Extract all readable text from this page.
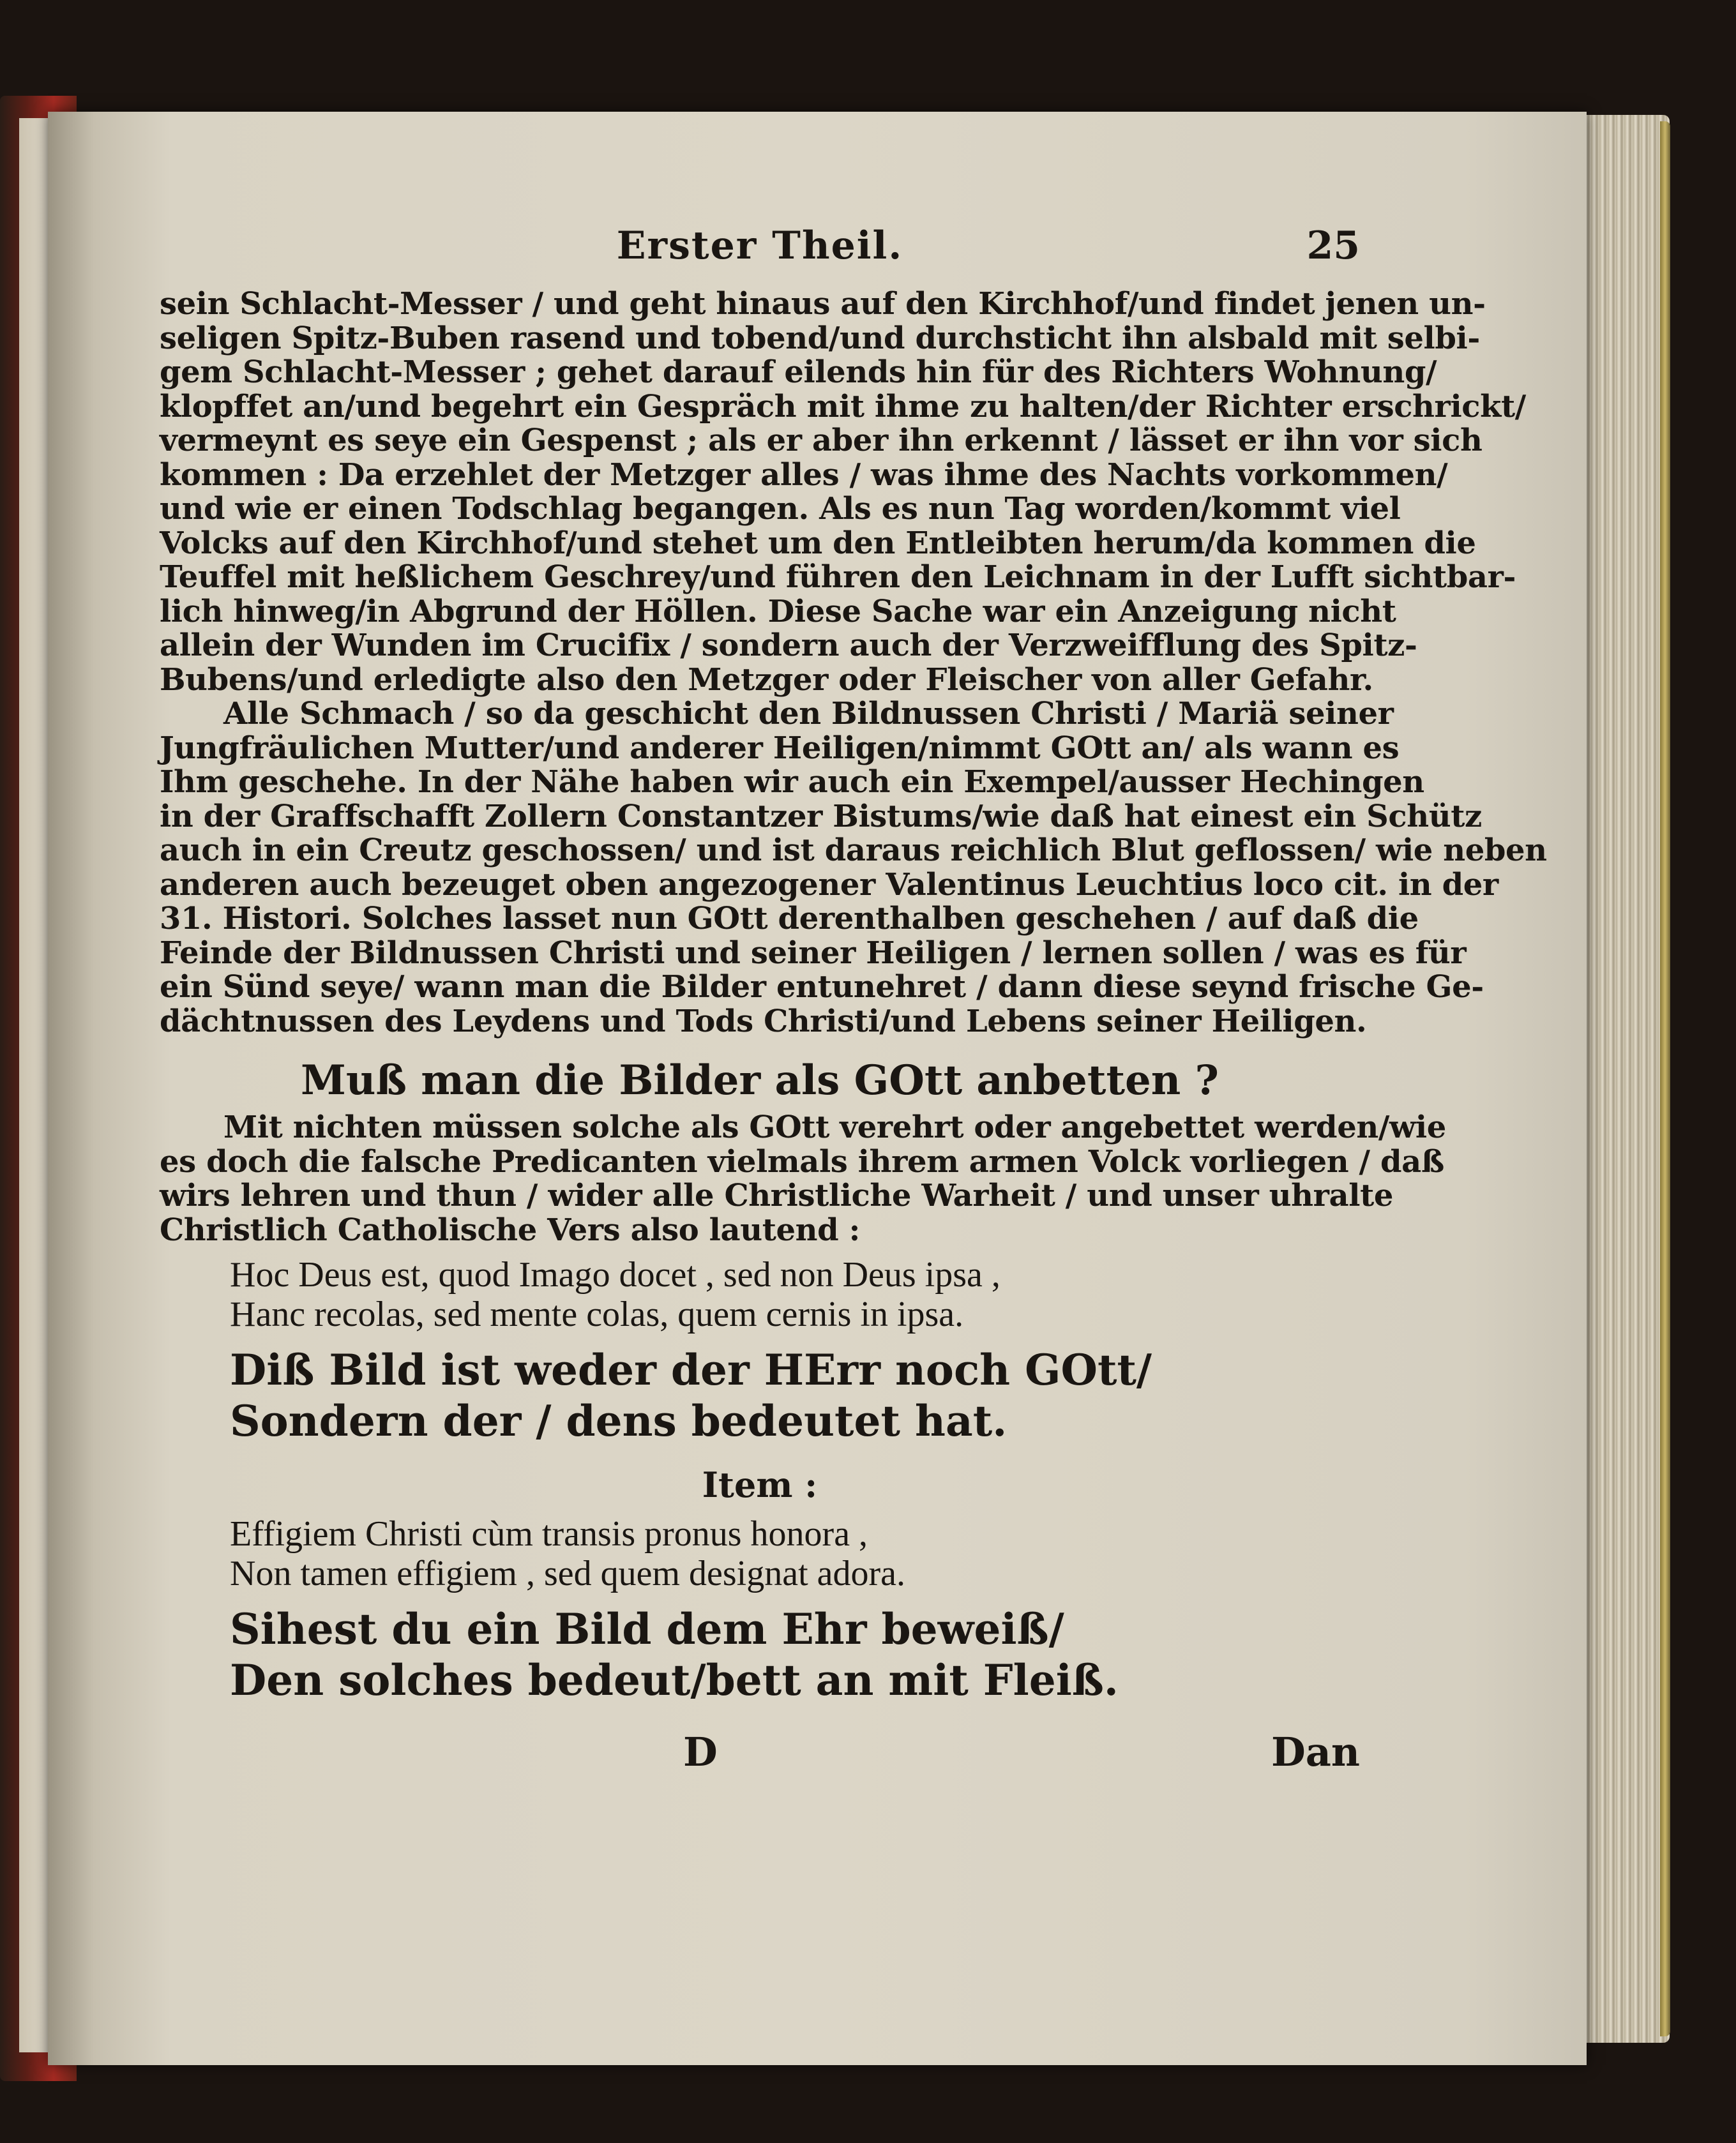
Erster Theil.	25
sein Schlacht-Messer / und geht hinaus auf den Kirchhof/und findet jenen un-
seligen Spitz-Buben rasend und tobend/und durchsticht ihn alsbald mit selbi-
gem Schlacht-Messer ; gehet darauf eilends hin für des Richters Wohnung/
klopffet an/und begehrt ein Gespräch mit ihme zu halten/der Richter erschrickt/
vermeynt es seye ein Gespenst ; als er aber ihn erkennt / lässet er ihn vor sich
kommen : Da erzehlet der Metzger alles / was ihme des Nachts vorkommen/
und wie er einen Todschlag begangen. Als es nun Tag worden/kommt viel
Volcks auf den Kirchhof/und stehet um den Entleibten herum/da kommen die
Teuffel mit heßlichem Geschrey/und führen den Leichnam in der Lufft sichtbar-
lich hinweg/in Abgrund der Höllen. Diese Sache war ein Anzeigung nicht
allein der Wunden im Crucifix / sondern auch der Verzweifflung des Spitz-
Bubens/und erledigte also den Metzger oder Fleischer von aller Gefahr.
Alle Schmach / so da geschicht den Bildnussen Christi / Mariä seiner
Jungfräulichen Mutter/und anderer Heiligen/nimmt GOtt an/ als wann es
Ihm geschehe. In der Nähe haben wir auch ein Exempel/ausser Hechingen
in der Graffschafft Zollern Constantzer Bistums/wie daß hat einest ein Schütz
auch in ein Creutz geschossen/ und ist daraus reichlich Blut geflossen/ wie neben
anderen auch bezeuget oben angezogener Valentinus Leuchtius loco cit. in der
31. Histori. Solches lasset nun GOtt derenthalben geschehen / auf daß die
Feinde der Bildnussen Christi und seiner Heiligen / lernen sollen / was es für
ein Sünd seye/ wann man die Bilder entunehret / dann diese seynd frische Ge-
dächtnussen des Leydens und Tods Christi/und Lebens seiner Heiligen.
Muß man die Bilder als GOtt anbetten ?
Mit nichten müssen solche als GOtt verehrt oder angebettet werden/wie
es doch die falsche Predicanten vielmals ihrem armen Volck vorliegen / daß
wirs lehren und thun / wider alle Christliche Warheit / und unser uhralte
Christlich Catholische Vers also lautend :
Hoc Deus est, quod Imago docet , sed non Deus ipsa ,
Hanc recolas, sed mente colas, quem cernis in ipsa.
Diß Bild ist weder der HErr noch GOtt/
Sondern der / dens bedeutet hat.
Item :
Effigiem Christi cùm transis pronus honora ,
Non tamen effigiem , sed quem designat adora.
Sihest du ein Bild dem Ehr beweiß/
Den solches bedeut/bett an mit Fleiß.
D	Dan
